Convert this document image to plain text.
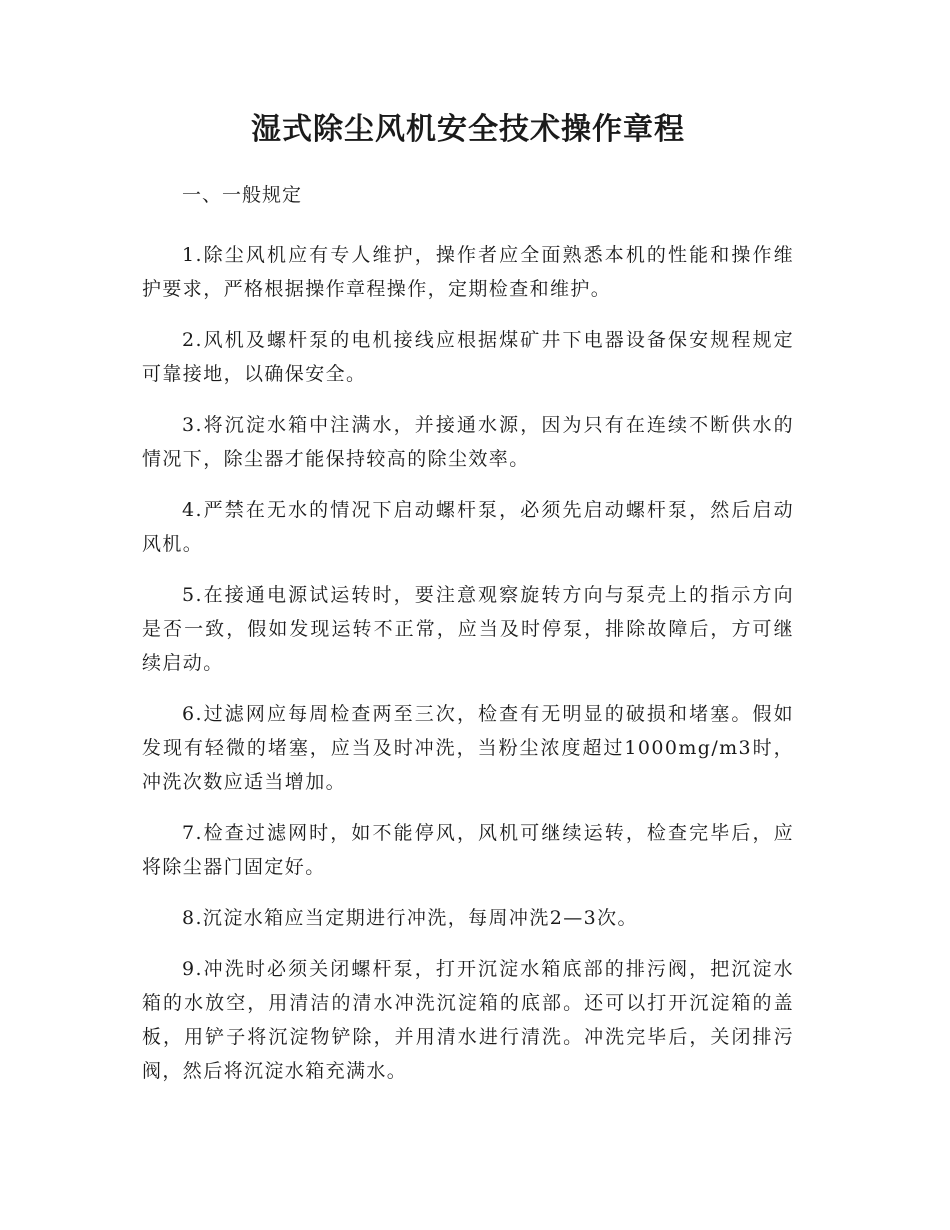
湿式除尘风机安全技术操作章程

一、一般规定

1.除尘风机应有专人维护，操作者应全面熟悉本机的性能和操作维护要求，严格根据操作章程操作，定期检查和维护。

2.风机及螺杆泵的电机接线应根据煤矿井下电器设备保安规程规定可靠接地，以确保安全。

3.将沉淀水箱中注满水，并接通水源，因为只有在连续不断供水的情况下，除尘器才能保持较高的除尘效率。

4.严禁在无水的情况下启动螺杆泵，必须先启动螺杆泵，然后启动风机。

5.在接通电源试运转时，要注意观察旋转方向与泵壳上的指示方向是否一致，假如发现运转不正常，应当及时停泵，排除故障后，方可继续启动。

6.过滤网应每周检查两至三次，检查有无明显的破损和堵塞。假如发现有轻微的堵塞，应当及时冲洗，当粉尘浓度超过1000mg/m3时，冲洗次数应适当增加。

7.检查过滤网时，如不能停风，风机可继续运转，检查完毕后，应将除尘器门固定好。

8.沉淀水箱应当定期进行冲洗，每周冲洗2—3次。

9.冲洗时必须关闭螺杆泵，打开沉淀水箱底部的排污阀，把沉淀水箱的水放空，用清洁的清水冲洗沉淀箱的底部。还可以打开沉淀箱的盖板，用铲子将沉淀物铲除，并用清水进行清洗。冲洗完毕后，关闭排污阀，然后将沉淀水箱充满水。
